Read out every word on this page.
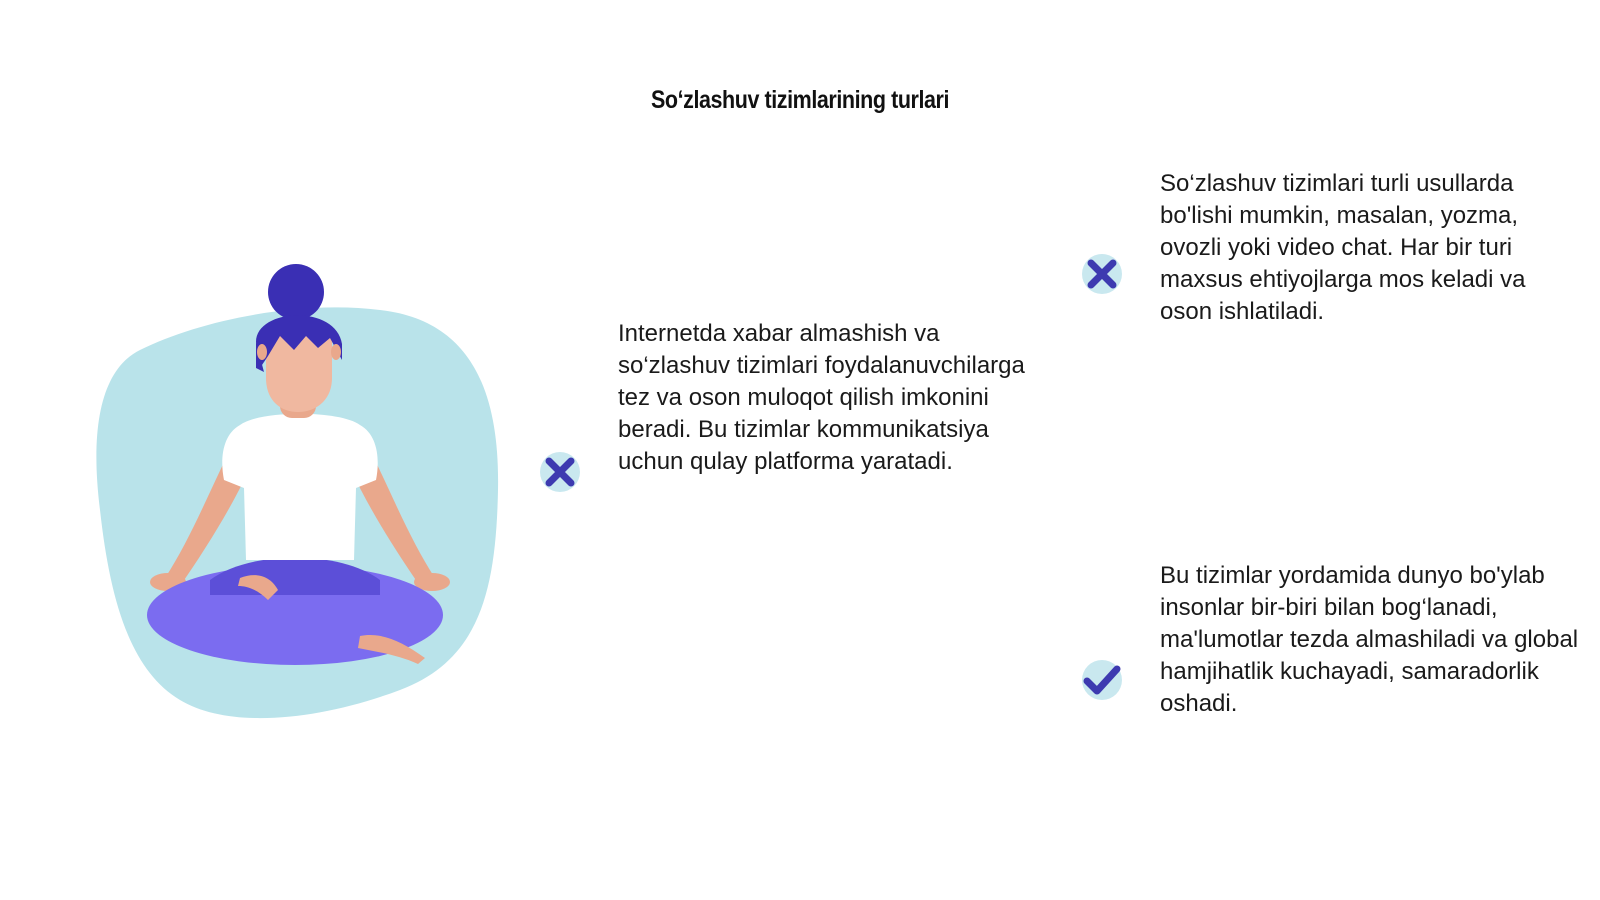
So‘zlashuv tizimlarining turlari

Internetda xabar almashish va so‘zlashuv tizimlari foydalanuvchilarga tez va oson muloqot qilish imkonini beradi. Bu tizimlar kommunikatsiya uchun qulay platforma yaratadi.

So‘zlashuv tizimlari turli usullarda bo'lishi mumkin, masalan, yozma, ovozli yoki video chat. Har bir turi maxsus ehtiyojlarga mos keladi va oson ishlatiladi.

Bu tizimlar yordamida dunyo bo'ylab insonlar bir-biri bilan bog‘lanadi, ma'lumotlar tezda almashiladi va global hamjihatlik kuchayadi, samaradorlik oshadi.
